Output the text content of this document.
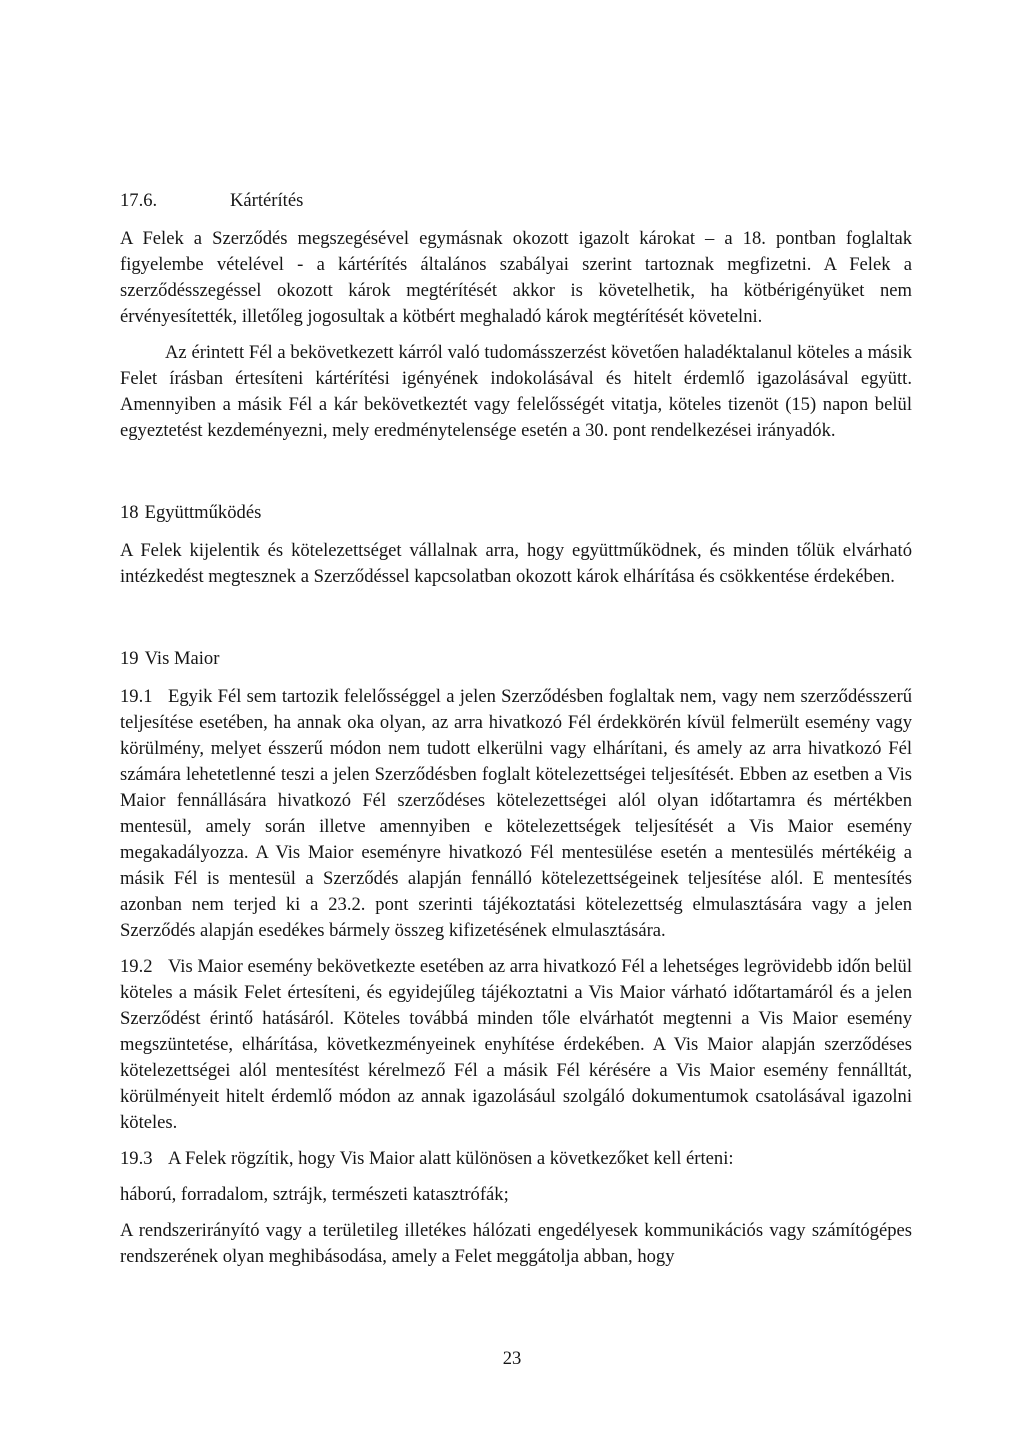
17.6.	Kártérítés

A Felek a Szerződés megszegésével egymásnak okozott igazolt károkat – a 18. pontban foglaltak figyelembe vételével - a kártérítés általános szabályai szerint tartoznak megfizetni. A Felek a szerződésszegéssel okozott károk megtérítését akkor is követelhetik, ha kötbérigényüket nem érvényesítették, illetőleg jogosultak a kötbért meghaladó károk megtérítését követelni.

Az érintett Fél a bekövetkezett kárról való tudomásszerzést követően haladéktalanul köteles a másik Felet írásban értesíteni kártérítési igényének indokolásával és hitelt érdemlő igazolásával együtt. Amennyiben a másik Fél a kár bekövetkeztét vagy felelősségét vitatja, köteles tizenöt (15) napon belül egyeztetést kezdeményezni, mely eredménytelensége esetén a 30. pont rendelkezései irányadók.

18 Együttműködés

A Felek kijelentik és kötelezettséget vállalnak arra, hogy együttműködnek, és minden tőlük elvárható intézkedést megtesznek a Szerződéssel kapcsolatban okozott károk elhárítása és csökkentése érdekében.

19 Vis Maior

19.1 Egyik Fél sem tartozik felelősséggel a jelen Szerződésben foglaltak nem, vagy nem szerződésszerű teljesítése esetében, ha annak oka olyan, az arra hivatkozó Fél érdekkörén kívül felmerült esemény vagy körülmény, melyet ésszerű módon nem tudott elkerülni vagy elhárítani, és amely az arra hivatkozó Fél számára lehetetlenné teszi a jelen Szerződésben foglalt kötelezettségei teljesítését. Ebben az esetben a Vis Maior fennállására hivatkozó Fél szerződéses kötelezettségei alól olyan időtartamra és mértékben mentesül, amely során illetve amennyiben e kötelezettségek teljesítését a Vis Maior esemény megakadályozza. A Vis Maior eseményre hivatkozó Fél mentesülése esetén a mentesülés mértékéig a másik Fél is mentesül a Szerződés alapján fennálló kötelezettségeinek teljesítése alól. E mentesítés azonban nem terjed ki a 23.2. pont szerinti tájékoztatási kötelezettség elmulasztására vagy a jelen Szerződés alapján esedékes bármely összeg kifizetésének elmulasztására.

19.2 Vis Maior esemény bekövetkezte esetében az arra hivatkozó Fél a lehetséges legrövidebb időn belül köteles a másik Felet értesíteni, és egyidejűleg tájékoztatni a Vis Maior várható időtartamáról és a jelen Szerződést érintő hatásáról. Köteles továbbá minden tőle elvárhatót megtenni a Vis Maior esemény megszüntetése, elhárítása, következményeinek enyhítése érdekében. A Vis Maior alapján szerződéses kötelezettségei alól mentesítést kérelmező Fél a másik Fél kérésére a Vis Maior esemény fennálltát, körülményeit hitelt érdemlő módon az annak igazolásául szolgáló dokumentumok csatolásával igazolni köteles.

19.3 A Felek rögzítik, hogy Vis Maior alatt különösen a következőket kell érteni:

háború, forradalom, sztrájk, természeti katasztrófák;

A rendszerirányító vagy a területileg illetékes hálózati engedélyesek kommunikációs vagy számítógépes rendszerének olyan meghibásodása, amely a Felet meggátolja abban, hogy

23
